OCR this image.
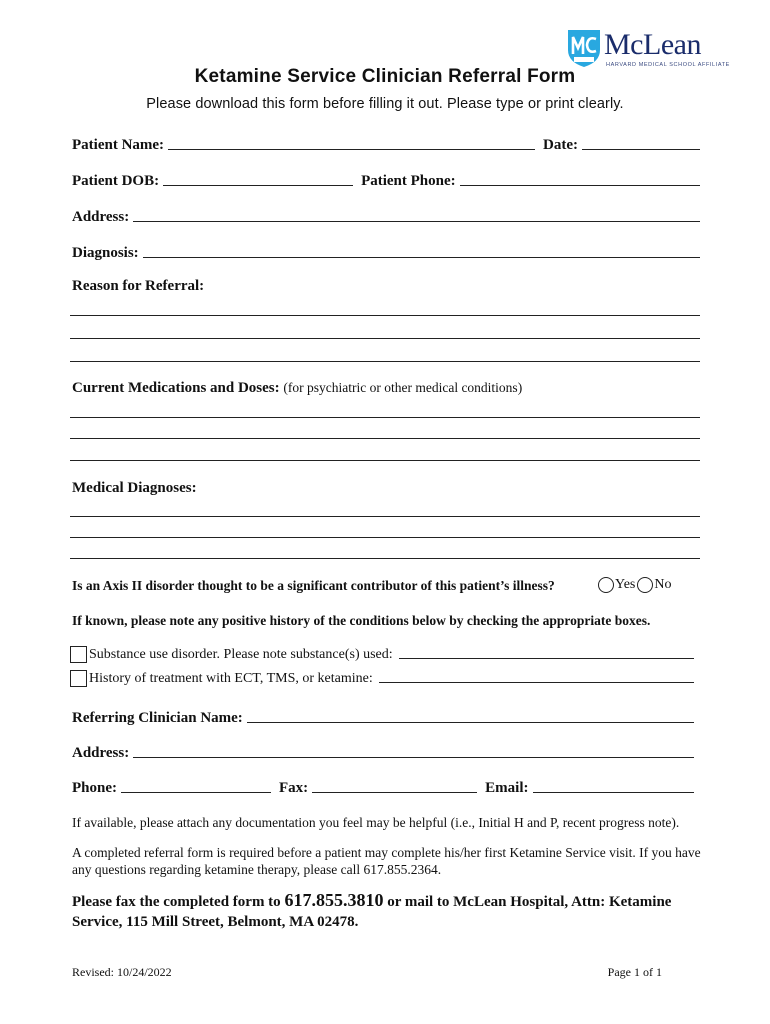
McLean
HARVARD MEDICAL SCHOOL AFFILIATE
Ketamine Service Clinician Referral Form
Please download this form before filling it out. Please type or print clearly.
Patient Name:	Date:
Patient DOB:	Patient Phone:
Address:
Diagnosis:
Reason for Referral:
Current Medications and Doses: (for psychiatric or other medical conditions)
Medical Diagnoses:
Is an Axis II disorder thought to be a significant contributor of this patient’s illness?	Yes No
If known, please note any positive history of the conditions below by checking the appropriate boxes.
Substance use disorder. Please note substance(s) used:
History of treatment with ECT, TMS, or ketamine:
Referring Clinician Name:
Address:
Phone:	Fax:	Email:
If available, please attach any documentation you feel may be helpful (i.e., Initial H and P, recent progress note).
A completed referral form is required before a patient may complete his/her first Ketamine Service visit. If you have any questions regarding ketamine therapy, please call 617.855.2364.
Please fax the completed form to 617.855.3810 or mail to McLean Hospital, Attn: Ketamine Service, 115 Mill Street, Belmont, MA 02478.
Revised: 10/24/2022	Page 1 of 1
